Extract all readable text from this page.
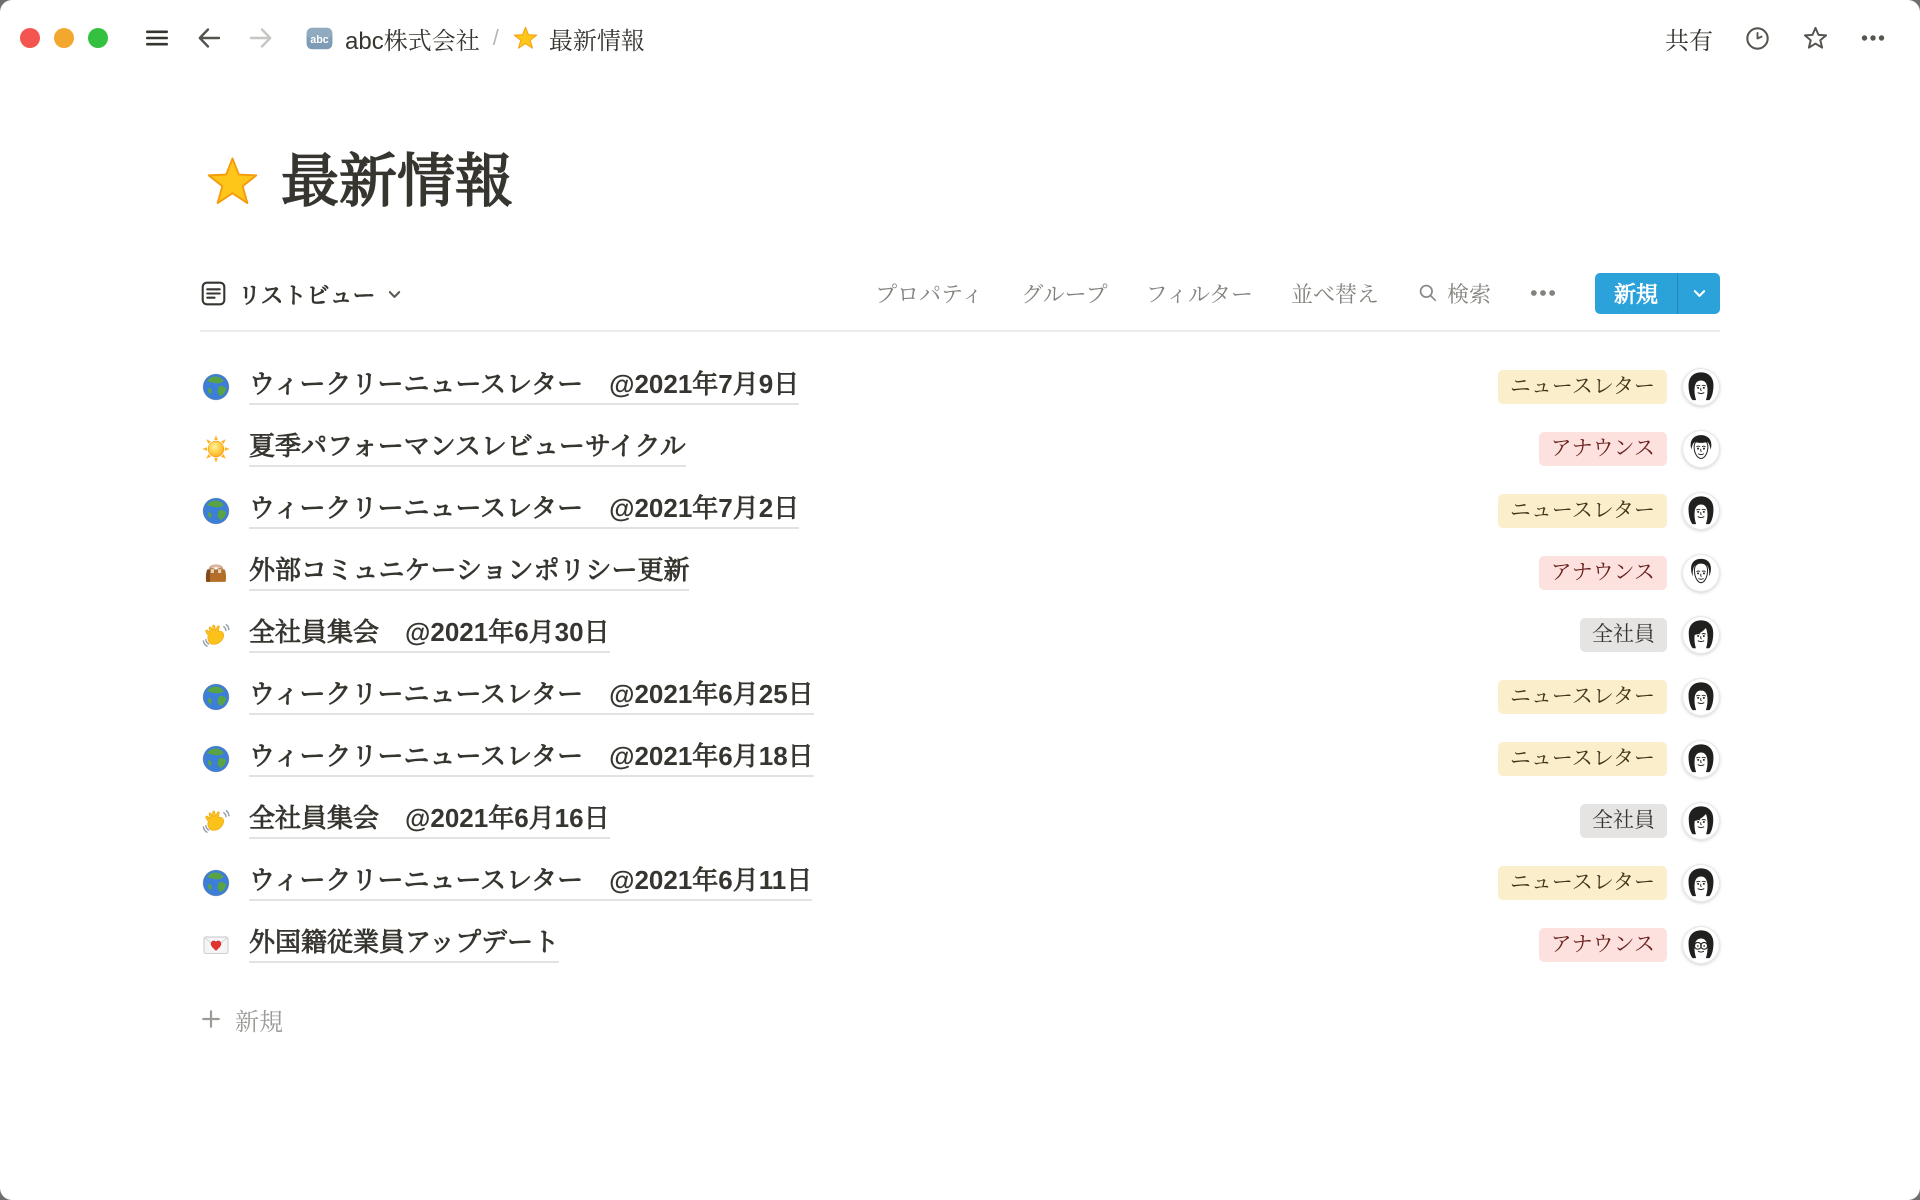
abc株式会社 / 最新情報	共有
最新情報
リストビュー	プロパティ グループ フィルター 並べ替え	検索	新規
ウィークリーニュースレター　@2021年7月9日	ニュースレター
夏季パフォーマンスレビューサイクル	アナウンス
ウィークリーニュースレター　@2021年7月2日	ニュースレター
外部コミュニケーションポリシー更新	アナウンス
全社員集会　@2021年6月30日	全社員
ウィークリーニュースレター　@2021年6月25日	ニュースレター
ウィークリーニュースレター　@2021年6月18日	ニュースレター
全社員集会　@2021年6月16日	全社員
ウィークリーニュースレター　@2021年6月11日	ニュースレター
外国籍従業員アップデート	アナウンス
新規
